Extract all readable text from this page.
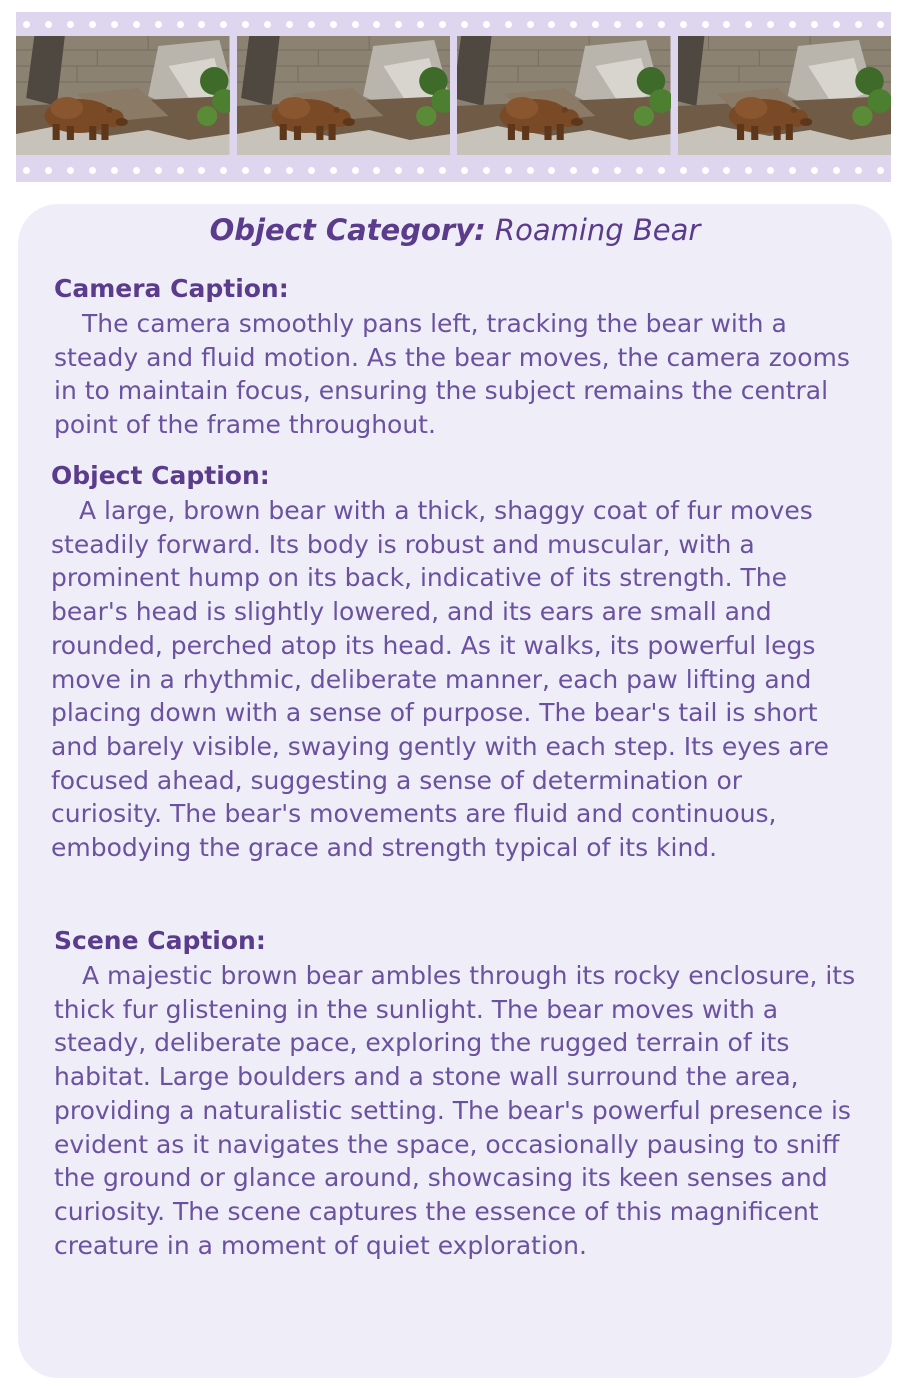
Object Category: Roaming Bear
Camera Caption:

The camera smoothly pans left, tracking the bear with a steady and fluid motion. As the bear moves, the camera zooms in to maintain focus, ensuring the subject remains the central point of the frame throughout.

Object Caption:

A large, brown bear with a thick, shaggy coat of fur moves steadily forward. Its body is robust and muscular, with a prominent hump on its back, indicative of its strength. The bear's head is slightly lowered, and its ears are small and rounded, perched atop its head. As it walks, its powerful legs move in a rhythmic, deliberate manner, each paw lifting and placing down with a sense of purpose. The bear's tail is short and barely visible, swaying gently with each step. Its eyes are focused ahead, suggesting a sense of determination or curiosity. The bear's movements are fluid and continuous, embodying the grace and strength typical of its kind.

Scene Caption:

A majestic brown bear ambles through its rocky enclosure, its thick fur glistening in the sunlight. The bear moves with a steady, deliberate pace, exploring the rugged terrain of its habitat. Large boulders and a stone wall surround the area, providing a naturalistic setting. The bear's powerful presence is evident as it navigates the space, occasionally pausing to sniff the ground or glance around, showcasing its keen senses and curiosity. The scene captures the essence of this magnificent creature in a moment of quiet exploration.
